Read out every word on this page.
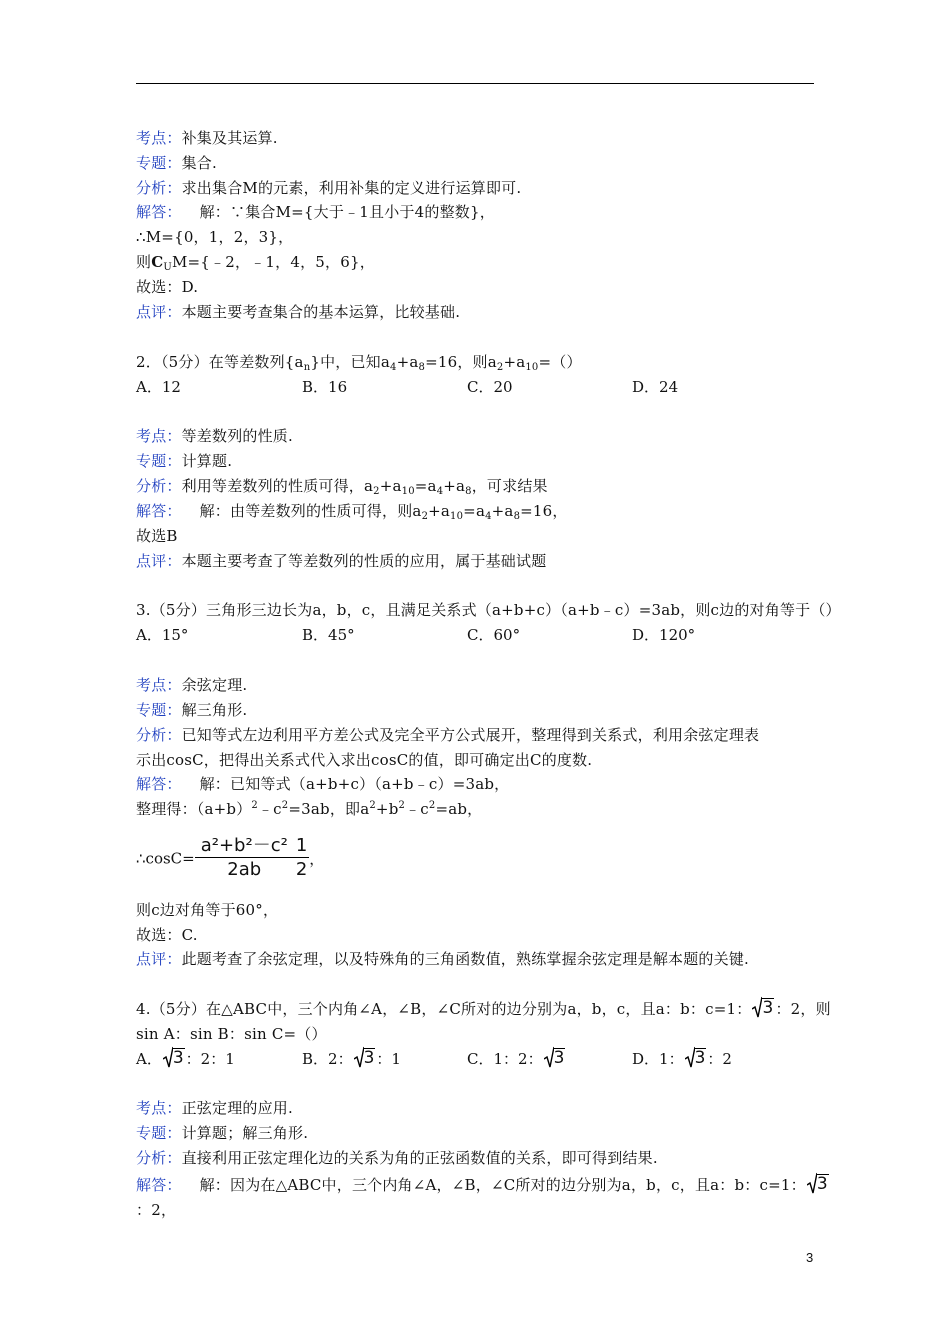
考点：补集及其运算.
专题：集合.
分析：求出集合M的元素，利用补集的定义进行运算即可.
解答： 解：∵集合M={大于﹣1且小于4的整数}，
∴M={0，1，2，3}，
则$C_UM=\{﹣2$，﹣1，4，5，6}，
故选：D.
点评：本题主要考查集合的基本运算，比较基础.
2．（5分）在等差数列$\{a_n\}$中，已知$a_4+a_8=16$，则$a_2+a_{10}=()$
A．12	B．16	C．20	D．24
考点：等差数列的性质.
专题：计算题.
分析：利用等差数列的性质可得，$a_2+a_{10}=a_4+a_8$，可求结果
解答： 解：由等差数列的性质可得，则$a_2+a_{10}=a_4+a_8=16$，
故选B
点评：本题主要考查了等差数列的性质的应用，属于基础试题
3.（5分）三角形三边长为a，b，c，且满足关系式（a+b+c）（a+b﹣c）=3ab，则c边的对角等于（）
A．15°	B．45°	C．60°	D．120°
考点：余弦定理.
专题：解三角形.
分析：已知等式左边利用平方差公式及完全平方公式展开，整理得到关系式，利用余弦定理表
示出cosC，把得出关系式代入求出cosC的值，即可确定出C的度数.
解答： 解：已知等式（a+b+c）（a+b﹣c）=3ab，
整理得：$(a+b)^2﹣c^2=3ab$，即$a^2+b^2﹣c^2=ab$，
∴cosC= $\frac{\text{a²+b²－c²}}{2ab} \frac{1}{2}$ ，
则c边对角等于60°，
故选：C.
点评：此题考查了余弦定理，以及特殊角的三角函数值，熟练掌握余弦定理是解本题的关键.
4.（5分）在△ABC中，三个内角∠A，∠B，∠C所对的边分别为a，b，c，且a：b：c=1： 3 ：2，则
sin A：sin B：sin C=（）
A． 3 ：2：1	B．2： 3 ：1	C．1：2： 3	D．1： 3 ：2
考点：正弦定理的应用.
专题：计算题；解三角形.
分析：直接利用正弦定理化边的关系为角的正弦函数值的关系，即可得到结果.
解答： 解：因为在△ABC中，三个内角∠A，∠B，∠C所对的边分别为a，b，c，且a：b：c=1： 3
：2，
3
